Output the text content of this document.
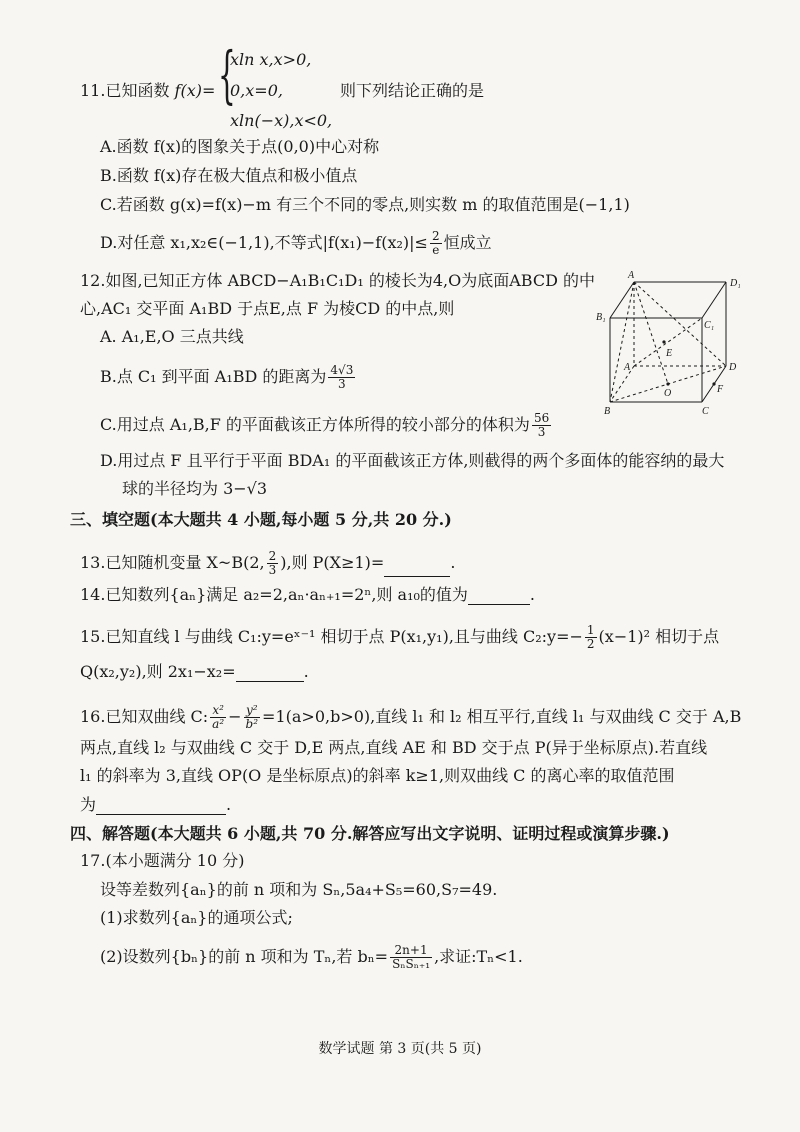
11.已知函数 f(x)= {
xln x,x>0,
0,x=0,
xln(−x),x<0,
则下列结论正确的是
A.函数 f(x)的图象关于点(0,0)中心对称
B.函数 f(x)存在极大值点和极小值点
C.若函数 g(x)=f(x)−m 有三个不同的零点,则实数 m 的取值范围是(−1,1)
D.对任意 x₁,x₂∈(−1,1),不等式$|f(x_1)-f(x_2)|\le \frac{2}{e}$ 恒成立
12.如图,已知正方体 ABCD−A₁B₁C₁D₁ 的棱长为4,O为底面ABCD 的中
心,AC₁ 交平面 A₁BD 于点E,点 F 为棱CD 的中点,则
A. A₁,E,O 三点共线
B.点 C₁ 到平面 A₁BD 的距离为 $\frac{4√3}{3}$
C.用过点 A₁,B,F 的平面截该正方体所得的较小部分的体积为 $\frac{56}{3}$
D.用过点 F 且平行于平面 BDA₁ 的平面截该正方体,则截得的两个多面体的能容纳的最大
球的半径均为 3−√3
A
D₁
B₁
C₁
E
A	D
O	F
B	C
三、填空题(本大题共 4 小题,每小题 5 分,共 20 分.)
13.已知随机变量 X~B(2, $\frac{2}{3}$ ),则 P(X≥1)=	.
14.已知数列{aₙ}满足 a₂=2,aₙ·aₙ₊₁=2ⁿ,则 a₁₀的值为	.
15.已知直线 l 与曲线 C₁:y=eˣ⁻¹ 相切于点 P(x₁,y₁),且与曲线 C₂:y=− $\frac{1}{2} (x-1)^2$ 相切于点
Q(x₂,y₂),则 2x₁−x₂=	.
16.已知双曲线 C: $\frac{\text{x²}}{\text{a²}} - \frac{\text{y²}}{\text{b²}} =1(a>0,b>0)$,直线 l₁ 和 l₂ 相互平行,直线 l₁ 与双曲线 C 交于 A,B
两点,直线 l₂ 与双曲线 C 交于 D,E 两点,直线 AE 和 BD 交于点 P(异于坐标原点).若直线
l₁ 的斜率为 3,直线 OP(O 是坐标原点)的斜率 k≥1,则双曲线 C 的离心率的取值范围
为	.
四、解答题(本大题共 6 小题,共 70 分.解答应写出文字说明、证明过程或演算步骤.)
17.(本小题满分 10 分)
设等差数列{aₙ}的前 n 项和为 Sₙ,5a₄+S₅=60,S₇=49.
(1)求数列{aₙ}的通项公式;
(2)设数列{bₙ}的前 n 项和为 Tₙ,若 $b_n= \frac{2n+1}{\text{SₙSₙ₊₁}}$ ,求证:Tₙ<1.
数学试题 第 3 页(共 5 页)
